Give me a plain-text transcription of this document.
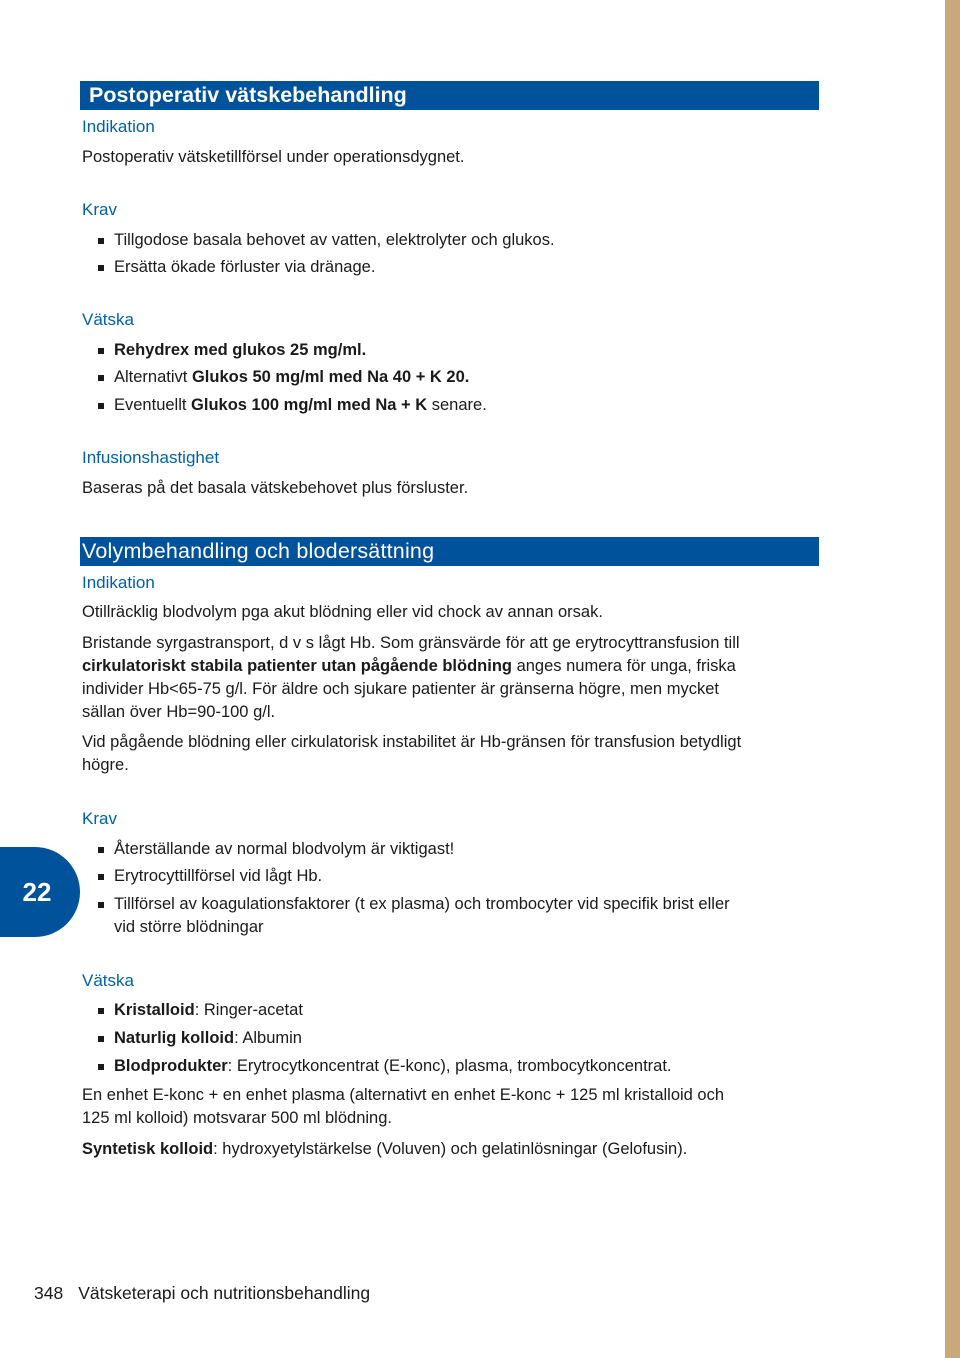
22
Postoperativ vätskebehandling
Indikation
Postoperativ vätsketillförsel under operationsdygnet.
Krav
Tillgodose basala behovet av vatten, elektrolyter och glukos.
Ersätta ökade förluster via dränage.
Vätska
Rehydrex med glukos 25 mg/ml.
Alternativt Glukos 50 mg/ml med Na 40 + K 20.
Eventuellt Glukos 100 mg/ml med Na + K senare.
Infusionshastighet
Baseras på det basala vätskebehovet plus försluster.
Volymbehandling och blodersättning
Indikation
Otillräcklig blodvolym pga akut blödning eller vid chock av annan orsak.
Bristande syrgastransport, d v s lågt Hb. Som gränsvärde för att ge erytrocyttransfusion till
cirkulatoriskt stabila patienter utan pågående blödning anges numera för unga, friska
individer Hb<65-75 g/l. För äldre och sjukare patienter är gränserna högre, men mycket
sällan över Hb=90-100 g/l.
Vid pågående blödning eller cirkulatorisk instabilitet är Hb-gränsen för transfusion betydligt
högre.
Krav
Återställande av normal blodvolym är viktigast!
Erytrocyttillförsel vid lågt Hb.
Tillförsel av koagulationsfaktorer (t ex plasma) och trombocyter vid specifik brist eller
vid större blödningar
Vätska
Kristalloid: Ringer-acetat
Naturlig kolloid: Albumin
Blodprodukter: Erytrocytkoncentrat (E-konc), plasma, trombocytkoncentrat.
En enhet E-konc + en enhet plasma (alternativt en enhet E-konc + 125 ml kristalloid och
125 ml kolloid) motsvarar 500 ml blödning.
Syntetisk kolloid: hydroxyetylstärkelse (Voluven) och gelatinlösningar (Gelofusin).
348 Vätsketerapi och nutritionsbehandling
